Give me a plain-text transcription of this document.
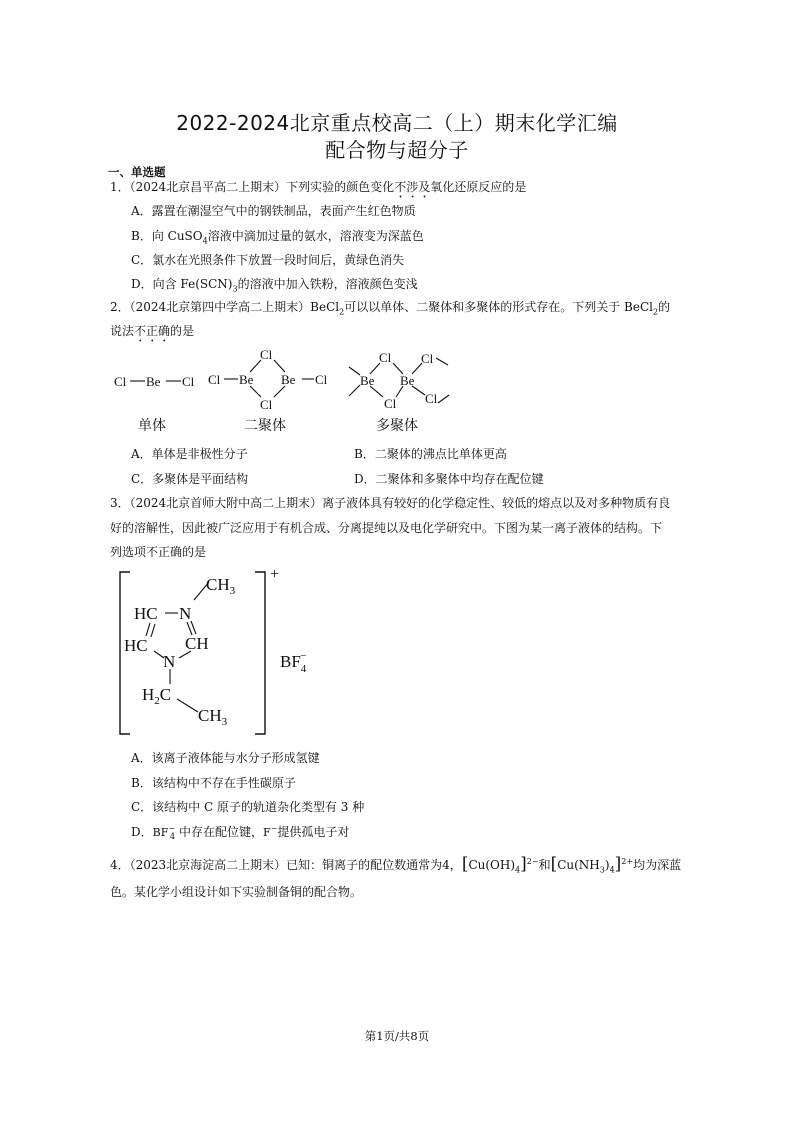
2022-2024北京重点校高二（上）期末化学汇编
配合物与超分子
一、单选题
1．（2024北京昌平高二上期末）下列实验的颜色变化不涉及氧化还原反应的是
A．露置在潮湿空气中的钢铁制品，表面产生红色物质
B．向 CuSO$_4$溶液中滴加过量的氨水，溶液变为深蓝色
C．氯水在光照条件下放置一段时间后，黄绿色消失
D．向含 $Fe(SCN)_3$的溶液中加入铁粉，溶液颜色变浅
2．（2024北京第四中学高二上期末）BeCl$_2$可以以单体、二聚体和多聚体的形式存在。下列关于 BeCl$_2$的
说法不正确的是
Cl Be Cl Cl Be
Cl
Cl
Be Cl	Be
Cl
Cl
Be
Cl
Cl
单体	二聚体	多聚体
A．单体是非极性分子	B．二聚体的沸点比单体更高
C．多聚体是平面结构	D．二聚体和多聚体中均存在配位键
3．（2024北京首师大附中高二上期末）离子液体具有较好的化学稳定性、较低的熔点以及对多种物质有良
好的溶解性，因此被广泛应用于有机合成、分离提纯以及电化学研究中。下图为某一离子液体的结构。下
列选项不正确的是
$CH_3$
HC N
HC CH
N
$H_2C$
$CH_3$
+
$BF_4-$
A．该离子液体能与水分子形成氢键
B．该结构中不存在手性碳原子
C．该结构中 C 原子的轨道杂化类型有 3 种
D．$BF^-_4$ 中存在配位键，F−提供孤电子对
4．（2023北京海淀高二上期末）已知：铜离子的配位数通常为4，$[Cu(OH)_4]^{2-}$和$[Cu(NH_3)_4]^{2+}$均为深蓝
色。某化学小组设计如下实验制备铜的配合物。
第1页/共8页
